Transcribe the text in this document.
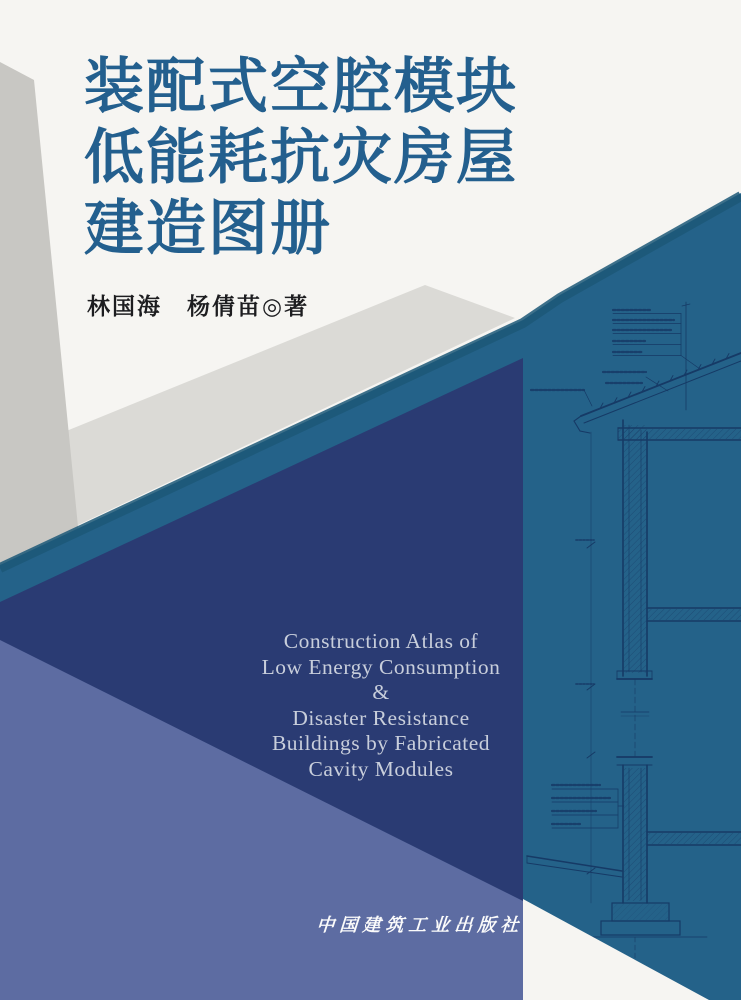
装配式空腔模块
低能耗抗灾房屋
建造图册
林国海　杨倩苗◎著
Construction Atlas of
Low Energy Consumption
&
Disaster Resistance
Buildings by Fabricated
Cavity Modules
中国建筑工业出版社
